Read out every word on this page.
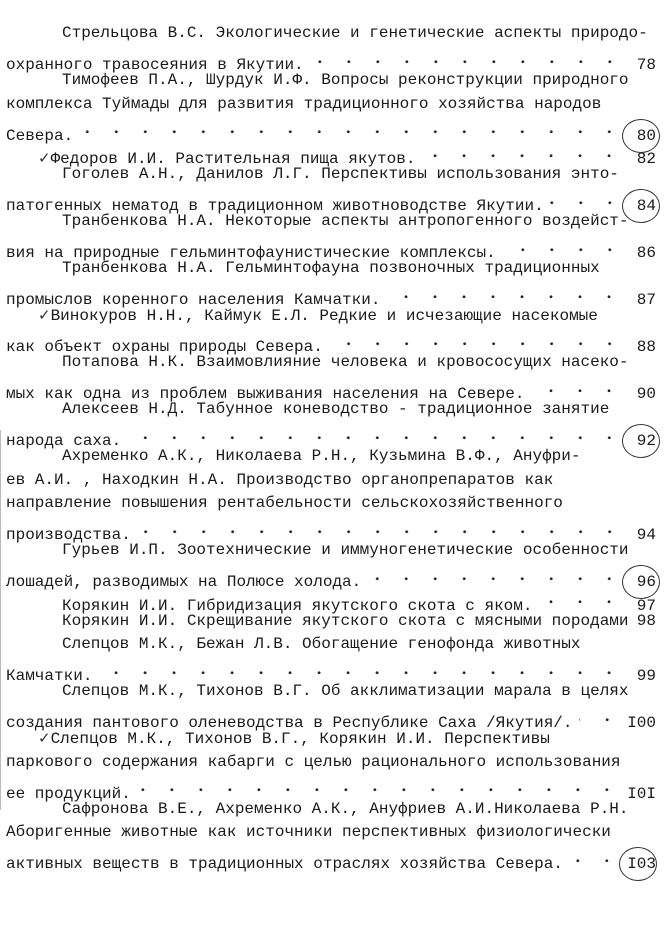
Стрельцова В.С. Экологические и генетические аспекты природо-
охранного травосеяния в Якутии.	78
Тимофеев П.А., Шурдук И.Ф. Вопросы реконструкции природного
комплекса Туймады для развития традиционного хозяйства народов
Севера.	80
✓ Федоров И.И. Растительная пища якутов.	82
Гоголев А.Н., Данилов Л.Г. Перспективы использования энто-
патогенных нематод в традиционном животноводстве Якутии.	84
Транбенкова Н.А. Некоторые аспекты антропогенного воздейст-
вия на природные гельминтофаунистические комплексы.	86
Транбенкова Н.А. Гельминтофауна позвоночных традиционных
промыслов коренного населения Камчатки.	87
✓ Винокуров Н.Н., Каймук Е.Л. Редкие и исчезающие насекомые
как объект охраны природы Севера.	88
Потапова Н.К. Взаимовлияние человека и кровососущих насеко-
мых как одна из проблем выживания населения на Севере.	90
Алексеев Н.Д. Табунное коневодство - традиционное занятие
народа саха.	92
Ахременко А.К., Николаева Р.Н., Кузьмина В.Ф., Ануфри-
ев А.И. , Находкин Н.А. Производство органопрепаратов как
направление повышения рентабельности сельскохозяйственного
производства.	94
Гурьев И.П. Зоотехнические и иммуногенетические особенности
лошадей, разводимых на Полюсе холода.	96
Корякин И.И. Гибридизация якутского скота с яком.	97
Корякин И.И. Скрещивание якутского скота с мясными породами 98
Слепцов М.К., Бежан Л.В. Обогащение генофонда животных
Камчатки.	99
Слепцов М.К., Тихонов В.Г. Об акклиматизации марала в целях
создания пантового оленеводства в Республике Саха /Якутия/.	I00
✓ Слепцов М.К., Тихонов В.Г., Корякин И.И. Перспективы
паркового содержания кабарги с целью рационального использования
ее продукций.	I0I
Сафронова В.Е., Ахременко А.К., Ануфриев А.И.Николаева Р.Н.
Аборигенные животные как источники перспективных физиологически
активных веществ в традиционных отраслях хозяйства Севера.	I03
